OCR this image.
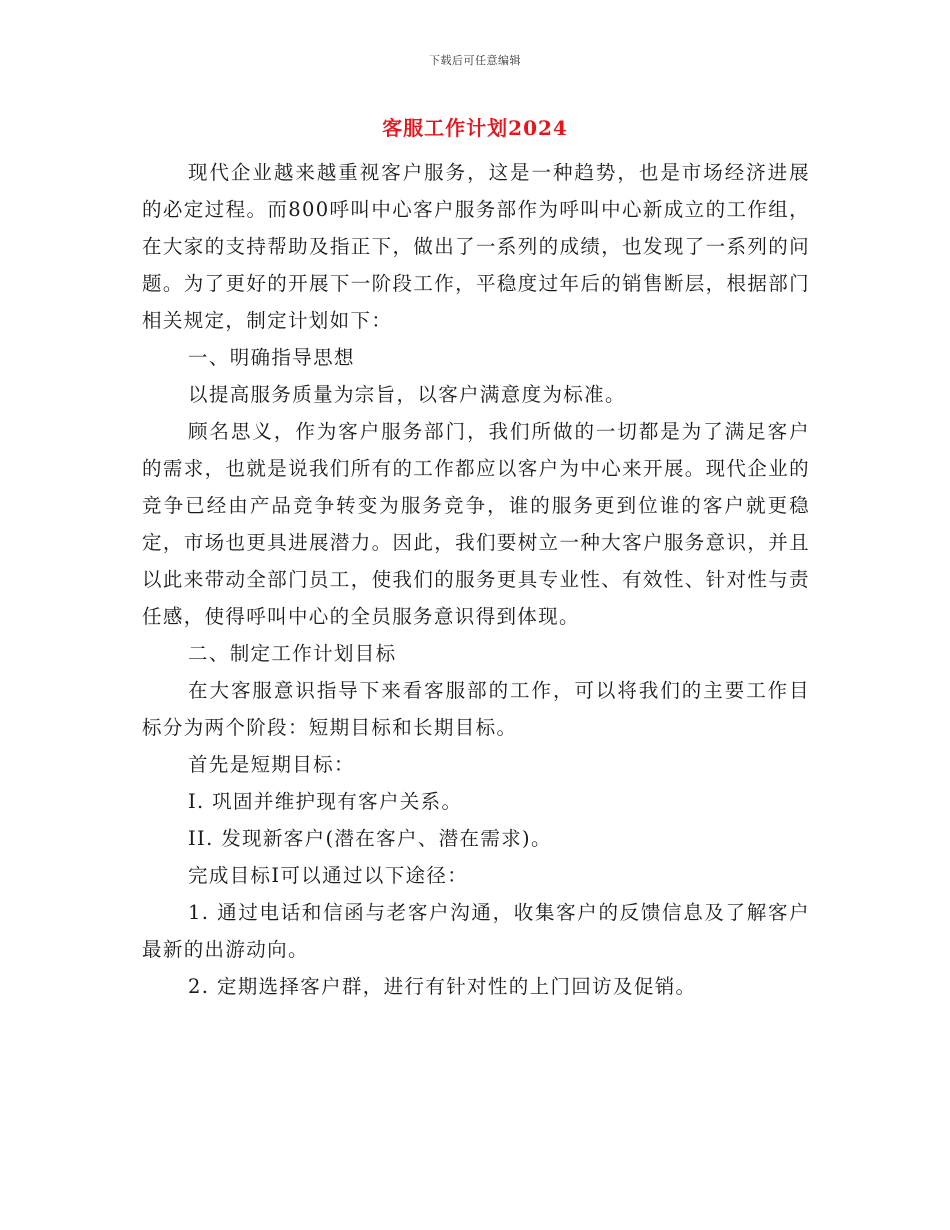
下载后可任意编辑
客服工作计划2024

现代企业越来越重视客户服务，这是一种趋势，也是市场经济进展的必定过程。而800呼叫中心客户服务部作为呼叫中心新成立的工作组，在大家的支持帮助及指正下，做出了一系列的成绩，也发现了一系列的问题。为了更好的开展下一阶段工作，平稳度过年后的销售断层，根据部门相关规定，制定计划如下：

一、明确指导思想

以提高服务质量为宗旨，以客户满意度为标准。

顾名思义，作为客户服务部门，我们所做的一切都是为了满足客户的需求，也就是说我们所有的工作都应以客户为中心来开展。现代企业的竞争已经由产品竞争转变为服务竞争，谁的服务更到位谁的客户就更稳定，市场也更具进展潜力。因此，我们要树立一种大客户服务意识，并且以此来带动全部门员工，使我们的服务更具专业性、有效性、针对性与责任感，使得呼叫中心的全员服务意识得到体现。

二、制定工作计划目标

在大客服意识指导下来看客服部的工作，可以将我们的主要工作目标分为两个阶段：短期目标和长期目标。

首先是短期目标：

I. 巩固并维护现有客户关系。

II. 发现新客户(潜在客户、潜在需求)。

完成目标I可以通过以下途径：

1. 通过电话和信函与老客户沟通，收集客户的反馈信息及了解客户最新的出游动向。

2. 定期选择客户群，进行有针对性的上门回访及促销。
